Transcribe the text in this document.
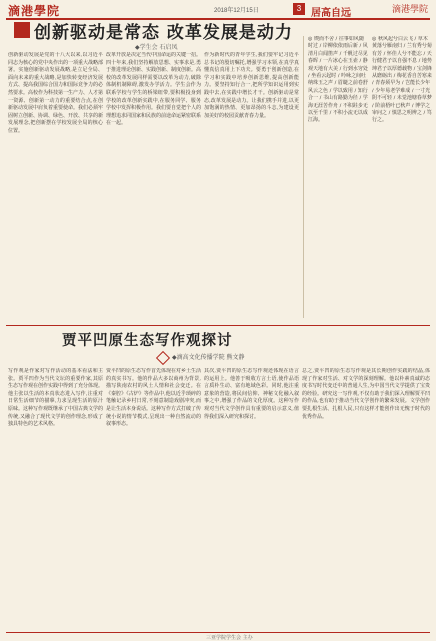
滴港學院	2018年12月15日	3 居高自远	滴港學院
创新驱动是常态 改革发展是动力
◆学生会 石启凤
创新驱动发展是党的十八大以来,以习近平同志为核心的党中央作出的一项重大战略部署。实施创新驱动发展战略,是立足全局、面向未来的重大战略,是加快转变经济发展方式、提高我国综合国力和国际竞争力的必然要求。高校作为科技第一生产力、人才第一资源、创新第一动力的重要结合点,在创新驱动发展中肩负着重要使命。我们必须牢固树立创新、协调、绿色、开放、共享的新发展理念,把创新摆在学校发展全局的核心位置。
改革开放是决定当代中国命运的关键一招。四十年来,我们坚持解放思想、实事求是,勇于推进理论创新、实践创新、制度创新。高校的改革发展同样需要以改革为动力,破除体制机制障碍,激发办学活力。学生会作为联系学校与学生的桥梁纽带,要积极投身到学校的改革创新实践中,在服务同学、服务学校中发挥积极作用。我们要自觉把个人的理想追求同国家和民族的前途命运紧密联系在一起。
作为新时代的青年学生,我们要牢记习近平总书记的殷切嘱托,增强学习本领,在真学真懂真信真用上下功夫。要勇于创新创造,在学习和实践中培养创新思维,提高创新能力。要坚持知行合一,把所学知识运用到实践中去,在实践中增长才干。创新驱动是常态,改革发展是动力。让我们携手并进,以更加饱满的热情、更加昂扬的斗志,为建设更加美好的校园贡献青春力量。
◎ 锲而不舍 / 往事如风随时过 / 岸柳依依雨后新 / 风清月白闻笛声 / 千帆过尽见春晖 / 一片冰心在玉壶 / 静观天地有大美 / 行到水穷处 / 坐看云起时 / 吟咏之间吐纳珠玉之声 / 眉睫之前卷舒风云之色 / 学以致用 / 知行合一 / 书山有路勤为径 / 学海无涯苦作舟 / 不积跬步无以至千里 / 不积小流无以成江海。
◎ 秋风起兮白云飞 / 草木黄落兮雁南归 / 兰有秀兮菊有芳 / 怀佳人兮不能忘 / 天行健君子以自强不息 / 地势坤君子以厚德载物 / 宝剑锋从磨砺出 / 梅花香自苦寒来 / 青春须早为 / 岂能长少年 / 少年易老学难成 / 一寸光阴不可轻 / 未觉池塘春草梦 / 阶前梧叶已秋声 / 博学之审问之 / 慎思之明辨之 / 笃行之。
贾平凹原生态写作观探讨
◆滴高文化传播学院 熊文静
写作观是作家对写作活动的基本看法和主张。贾平凹作为当代文坛的重要作家,其原生态写作观在创作实践中得到了充分体现。他主张以生活的本真状态进入写作,注重对日常生活细节的描摹,力求呈现生活的原汁原味。这种写作观既继承了中国古典文学的传统,又融合了现代文学的创作理念,形成了独具特色的艺术风格。
贾平凹的原生态写作首先体现在对乡土生活的真实书写。他的作品大多以商州为背景,描写陕南农村的风土人情和社会变迁。在《秦腔》《古炉》等作品中,他以近乎琐碎的笔触记录乡村日常,不刻意制造戏剧冲突,而是让生活本身说话。这种写作方式打破了传统小说的情节模式,呈现出一种自然流动的叙事形态。
其次,贾平凹的原生态写作观还体现在语言的运用上。他善于吸收方言土语,使作品语言质朴生动、富有地域色彩。同时,他注重意象的营造,将民间信仰、神秘文化融入叙事之中,增强了作品的文化厚度。这种写作观对当代文学创作具有重要的启示意义,值得我们深入研究和探讨。
总之,贾平凹的原生态写作观是其长期创作实践的结晶,体现了作家对生活、对文学的深刻理解。他以朴素真诚的态度书写时代变迁中的普通人生,为中国当代文学提供了宝贵的经验。研究这一写作观,不仅有助于我们深入理解贾平凹的作品,也有助于推动当代文学创作的繁荣发展。文学创作要扎根生活、扎根人民,只有这样才能创作出无愧于时代的优秀作品。
三亚学院学生会 主办
